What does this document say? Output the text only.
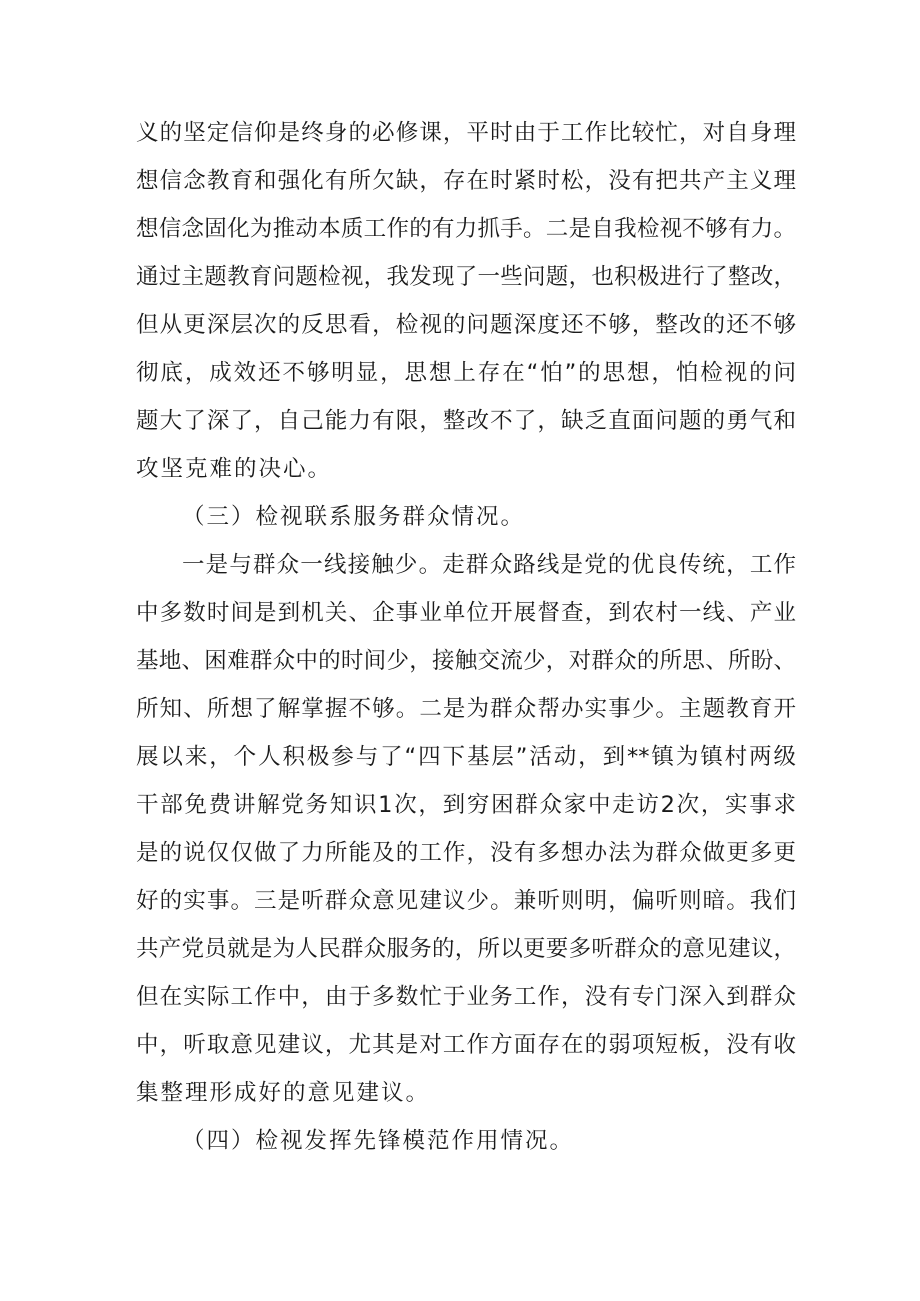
义的坚定信仰是终身的必修课，平时由于工作比较忙，对自身理
想信念教育和强化有所欠缺，存在时紧时松，没有把共产主义理
想信念固化为推动本质工作的有力抓手。二是自我检视不够有力。
通过主题教育问题检视，我发现了一些问题，也积极进行了整改，
但从更深层次的反思看，检视的问题深度还不够，整改的还不够
彻底，成效还不够明显，思想上存在“怕”的思想，怕检视的问
题大了深了，自己能力有限，整改不了，缺乏直面问题的勇气和
攻坚克难的决心。
（三）检视联系服务群众情况。
一是与群众一线接触少。走群众路线是党的优良传统，工作
中多数时间是到机关、企事业单位开展督查，到农村一线、产业
基地、困难群众中的时间少，接触交流少，对群众的所思、所盼、
所知、所想了解掌握不够。二是为群众帮办实事少。主题教育开
展以来，个人积极参与了“四下基层”活动，到**镇为镇村两级
干部免费讲解党务知识1次，到穷困群众家中走访2次，实事求
是的说仅仅做了力所能及的工作，没有多想办法为群众做更多更
好的实事。三是听群众意见建议少。兼听则明，偏听则暗。我们
共产党员就是为人民群众服务的，所以更要多听群众的意见建议，
但在实际工作中，由于多数忙于业务工作，没有专门深入到群众
中，听取意见建议，尤其是对工作方面存在的弱项短板，没有收
集整理形成好的意见建议。
（四）检视发挥先锋模范作用情况。
